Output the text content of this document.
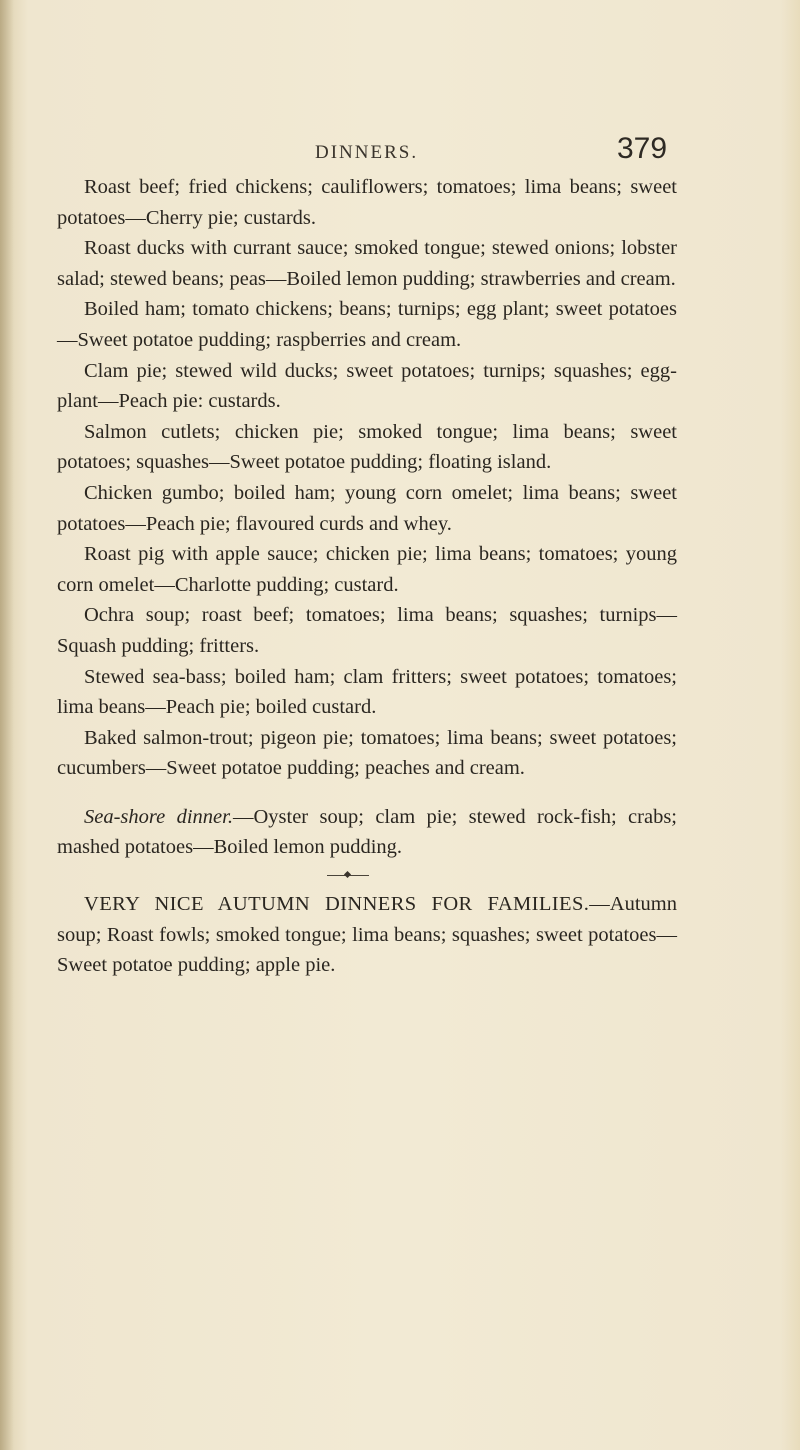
DINNERS.	379

Roast beef; fried chickens; cauliflowers; tomatoes; lima beans; sweet potatoes—Cherry pie; custards.

Roast ducks with currant sauce; smoked tongue; stewed onions; lobster salad; stewed beans; peas—Boiled lemon pudding; strawberries and cream.

Boiled ham; tomato chickens; beans; turnips; egg plant; sweet potatoes—Sweet potatoe pudding; raspberries and cream.

Clam pie; stewed wild ducks; sweet potatoes; turnips; squashes; egg-plant—Peach pie: custards.

Salmon cutlets; chicken pie; smoked tongue; lima beans; sweet potatoes; squashes—Sweet potatoe pudding; floating island.

Chicken gumbo; boiled ham; young corn omelet; lima beans; sweet potatoes—Peach pie; flavoured curds and whey.

Roast pig with apple sauce; chicken pie; lima beans; tomatoes; young corn omelet—Charlotte pudding; custard.

Ochra soup; roast beef; tomatoes; lima beans; squashes; turnips—Squash pudding; fritters.

Stewed sea-bass; boiled ham; clam fritters; sweet potatoes; tomatoes; lima beans—Peach pie; boiled custard.

Baked salmon-trout; pigeon pie; tomatoes; lima beans; sweet potatoes; cucumbers—Sweet potatoe pudding; peaches and cream.

Sea-shore dinner.—Oyster soup; clam pie; stewed rock-fish; crabs; mashed potatoes—Boiled lemon pudding.

VERY NICE AUTUMN DINNERS FOR FAMILIES.—Autumn soup; Roast fowls; smoked tongue; lima beans; squashes; sweet potatoes—Sweet potatoe pudding; apple pie.
